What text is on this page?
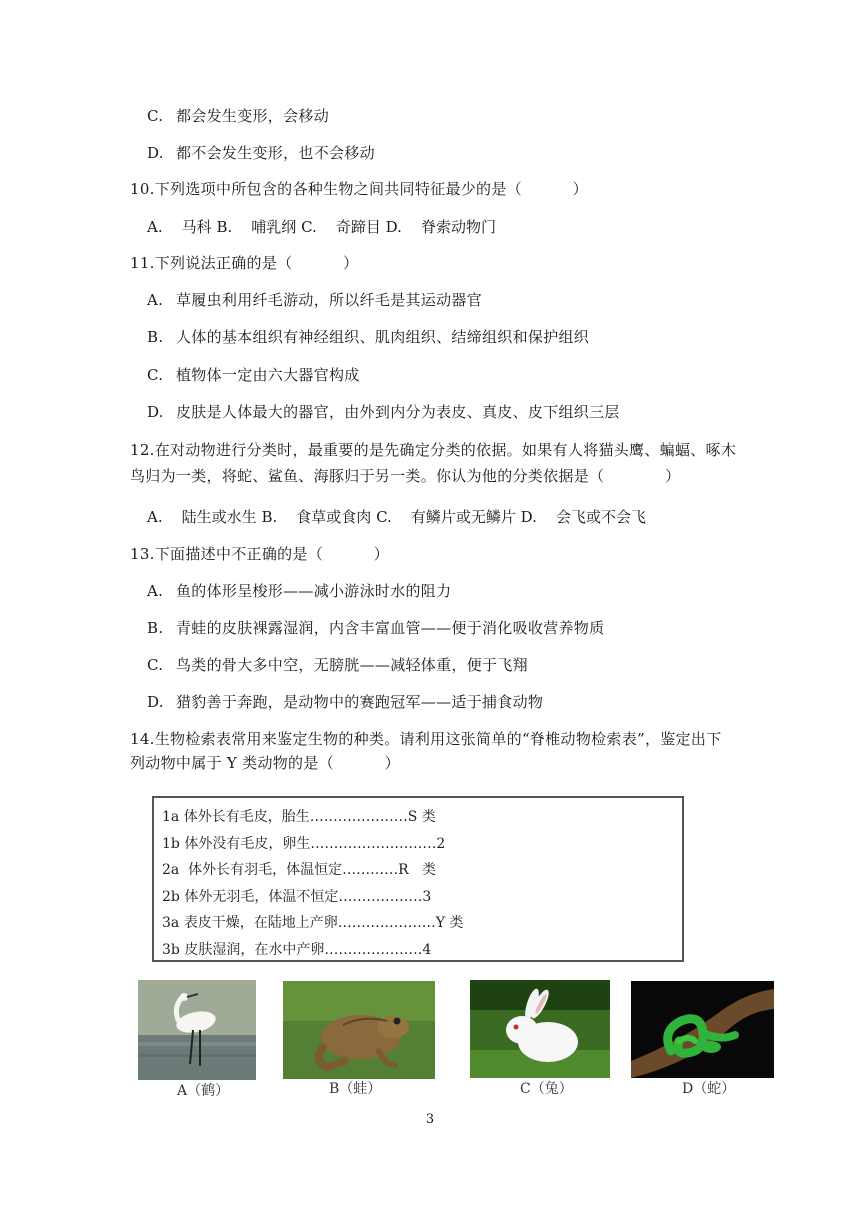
C. 都会发生变形，会移动
D. 都不会发生变形，也不会移动
10.下列选项中所包含的各种生物之间共同特征最少的是（          ）
A.    马科 B.    哺乳纲 C.    奇蹄目 D.    脊索动物门
11.下列说法正确的是（          ）
A. 草履虫利用纤毛游动，所以纤毛是其运动器官
B. 人体的基本组织有神经组织、肌肉组织、结缔组织和保护组织
C. 植物体一定由六大器官构成
D. 皮肤是人体最大的器官，由外到内分为表皮、真皮、皮下组织三层
12.在对动物进行分类时，最重要的是先确定分类的依据。如果有人将猫头鹰、蝙蝠、啄木
鸟归为一类，将蛇、鲨鱼、海豚归于另一类。你认为他的分类依据是（            ）
A.    陆生或水生 B.    食草或食肉 C.    有鳞片或无鳞片 D.    会飞或不会飞
13.下面描述中不正确的是（          ）
A. 鱼的体形呈梭形——减小游泳时水的阻力
B. 青蛙的皮肤裸露湿润，内含丰富血管——便于消化吸收营养物质
C. 鸟类的骨大多中空，无膀胱——减轻体重，便于飞翔
D. 猎豹善于奔跑，是动物中的赛跑冠军——适于捕食动物
14.生物检索表常用来鉴定生物的种类。请利用这张简单的“脊椎动物检索表”，鉴定出下
列动物中属于 Y 类动物的是（          ）
1a 体外长有毛皮，胎生…………………S 类
1b 体外没有毛皮，卵生………………………2
2a  体外长有羽毛，体温恒定…………R   类
2b 体外无羽毛，体温不恒定………………3
3a 表皮干燥，在陆地上产卵…………………Y 类
3b 皮肤湿润，在水中产卵…………………4
A（鹤）	B（蛙）	C（兔）	D（蛇）
3
